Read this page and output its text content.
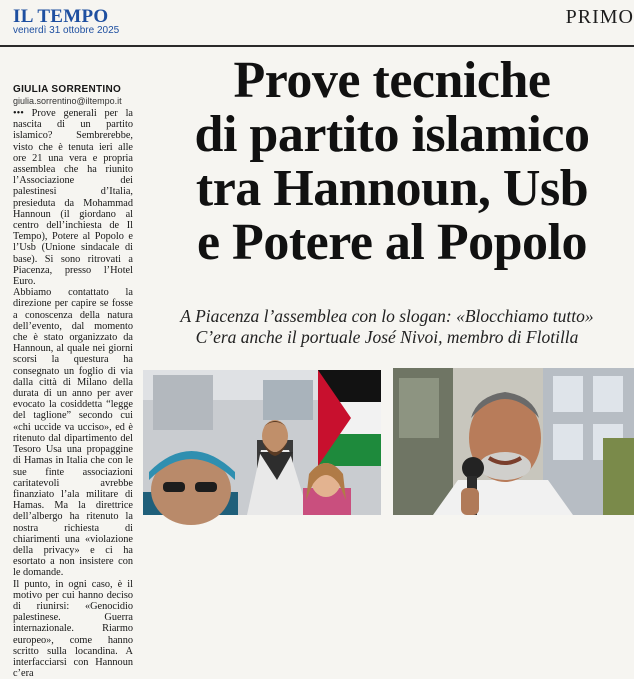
IL TEMPO
venerdì 31 ottobre 2025
PRIMO
GIULIA SORRENTINO
giulia.sorrentino@iltempo.it

••• Prove generali per la nascita di un partito islamico? Sembrerebbe, visto che è tenuta ieri alle ore 21 una vera e propria assemblea che ha riunito l’Associazione dei palestinesi d’Italia, presieduta da Mohammad Hannoun (il giordano al centro dell’inchiesta de Il Tempo), Potere al Popolo e l’Usb (Unione sindacale di base). Si sono ritrovati a Piacenza, presso l’Hotel Euro.

Abbiamo contattato la direzione per capire se fosse a conoscenza della natura dell’evento, dal momento che è stato organizzato da Hannoun, al quale nei giorni scorsi la questura ha consegnato un foglio di via dalla città di Milano della durata di un anno per aver evocato la cosiddetta “legge del taglione” secondo cui «chi uccide va ucciso», ed è ritenuto dal dipartimento del Tesoro Usa una propaggine di Hamas in Italia che con le sue finte associazioni caritatevoli avrebbe finanziato l’ala militare di Hamas. Ma la direttrice dell’albergo ha ritenuto la nostra richiesta di chiarimenti una «violazione della privacy» e ci ha esortato a non insistere con le domande.

Il punto, in ogni caso, è il motivo per cui hanno deciso di riunirsi: «Genocidio palestinese. Guerra internazionale. Riarmo europeo», come hanno scritto sulla locandina. A interfacciarsi con Hannoun c’era

Prove tecniche
di partito islamico
tra Hannoun, Usb
e Potere al Popolo
A Piacenza l’assemblea con lo slogan: «Blocchiamo tutto»
C’era anche il portuale José Nivoi, membro di Flotilla
